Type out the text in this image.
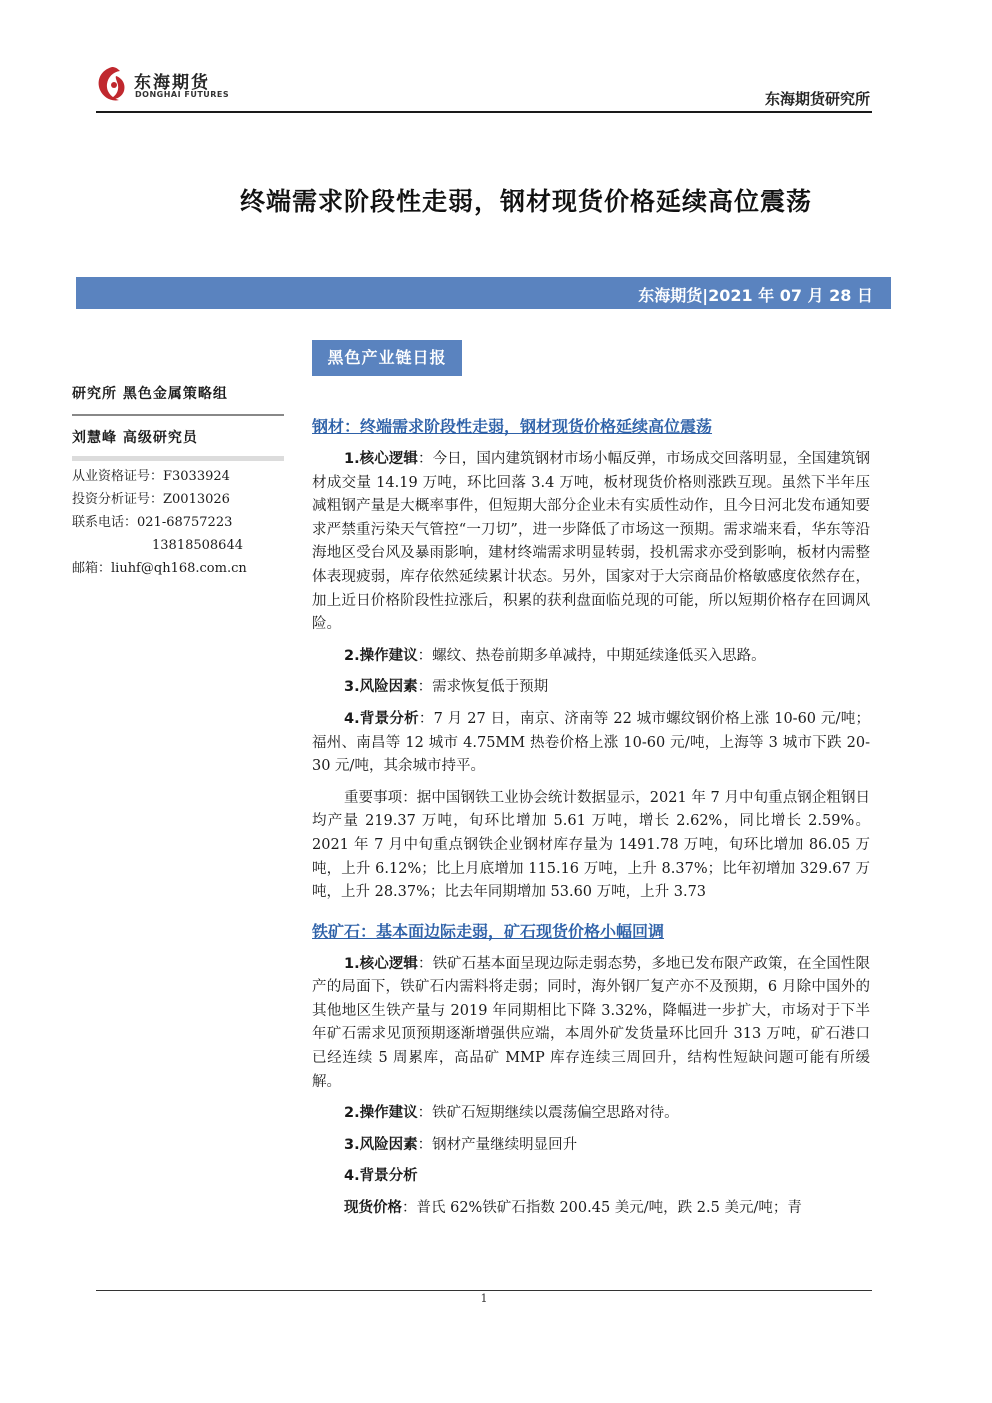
东海期货
DONGHAI FUTURES	东海期货研究所
终端需求阶段性走弱，钢材现货价格延续高位震荡
东海期货|2021 年 07 月 28 日
黑色产业链日报
研究所 黑色金属策略组
刘慧峰 高级研究员
从业资格证号：F3033924
投资分析证号：Z0013026
联系电话：021-68757223
13818508644
邮箱：liuhf@qh168.com.cn
钢材：终端需求阶段性走弱，钢材现货价格延续高位震荡

1.核心逻辑：今日，国内建筑钢材市场小幅反弹，市场成交回落明显，全国建筑钢材成交量 14.19 万吨，环比回落 3.4 万吨，板材现货价格则涨跌互现。虽然下半年压减粗钢产量是大概率事件，但短期大部分企业未有实质性动作，且今日河北发布通知要求严禁重污染天气管控“一刀切”，进一步降低了市场这一预期。需求端来看，华东等沿海地区受台风及暴雨影响，建材终端需求明显转弱，投机需求亦受到影响，板材内需整体表现疲弱，库存依然延续累计状态。另外，国家对于大宗商品价格敏感度依然存在，加上近日价格阶段性拉涨后，积累的获利盘面临兑现的可能，所以短期价格存在回调风险。

2.操作建议：螺纹、热卷前期多单减持，中期延续逢低买入思路。

3.风险因素：需求恢复低于预期

4.背景分析：7 月 27 日，南京、济南等 22 城市螺纹钢价格上涨 10-60 元/吨；福州、南昌等 12 城市 4.75MM 热卷价格上涨 10-60 元/吨，上海等 3 城市下跌 20-30 元/吨，其余城市持平。

重要事项：据中国钢铁工业协会统计数据显示，2021 年 7 月中旬重点钢企粗钢日均产量 219.37 万吨，旬环比增加 5.61 万吨，增长 2.62%，同比增长 2.59%。2021 年 7 月中旬重点钢铁企业钢材库存量为 1491.78 万吨，旬环比增加 86.05 万吨，上升 6.12%；比上月底增加 115.16 万吨，上升 8.37%；比年初增加 329.67 万吨，上升 28.37%；比去年同期增加 53.60 万吨，上升 3.73

铁矿石：基本面边际走弱，矿石现货价格小幅回调

1.核心逻辑：铁矿石基本面呈现边际走弱态势，多地已发布限产政策，在全国性限产的局面下，铁矿石内需料将走弱；同时，海外钢厂复产亦不及预期，6 月除中国外的其他地区生铁产量与 2019 年同期相比下降 3.32%，降幅进一步扩大，市场对于下半年矿石需求见顶预期逐渐增强供应端，本周外矿发货量环比回升 313 万吨，矿石港口已经连续 5 周累库，高品矿 MMP 库存连续三周回升，结构性短缺问题可能有所缓解。

2.操作建议：铁矿石短期继续以震荡偏空思路对待。

3.风险因素：钢材产量继续明显回升

4.背景分析

现货价格：普氏 62%铁矿石指数 200.45 美元/吨，跌 2.5 美元/吨；青

1
